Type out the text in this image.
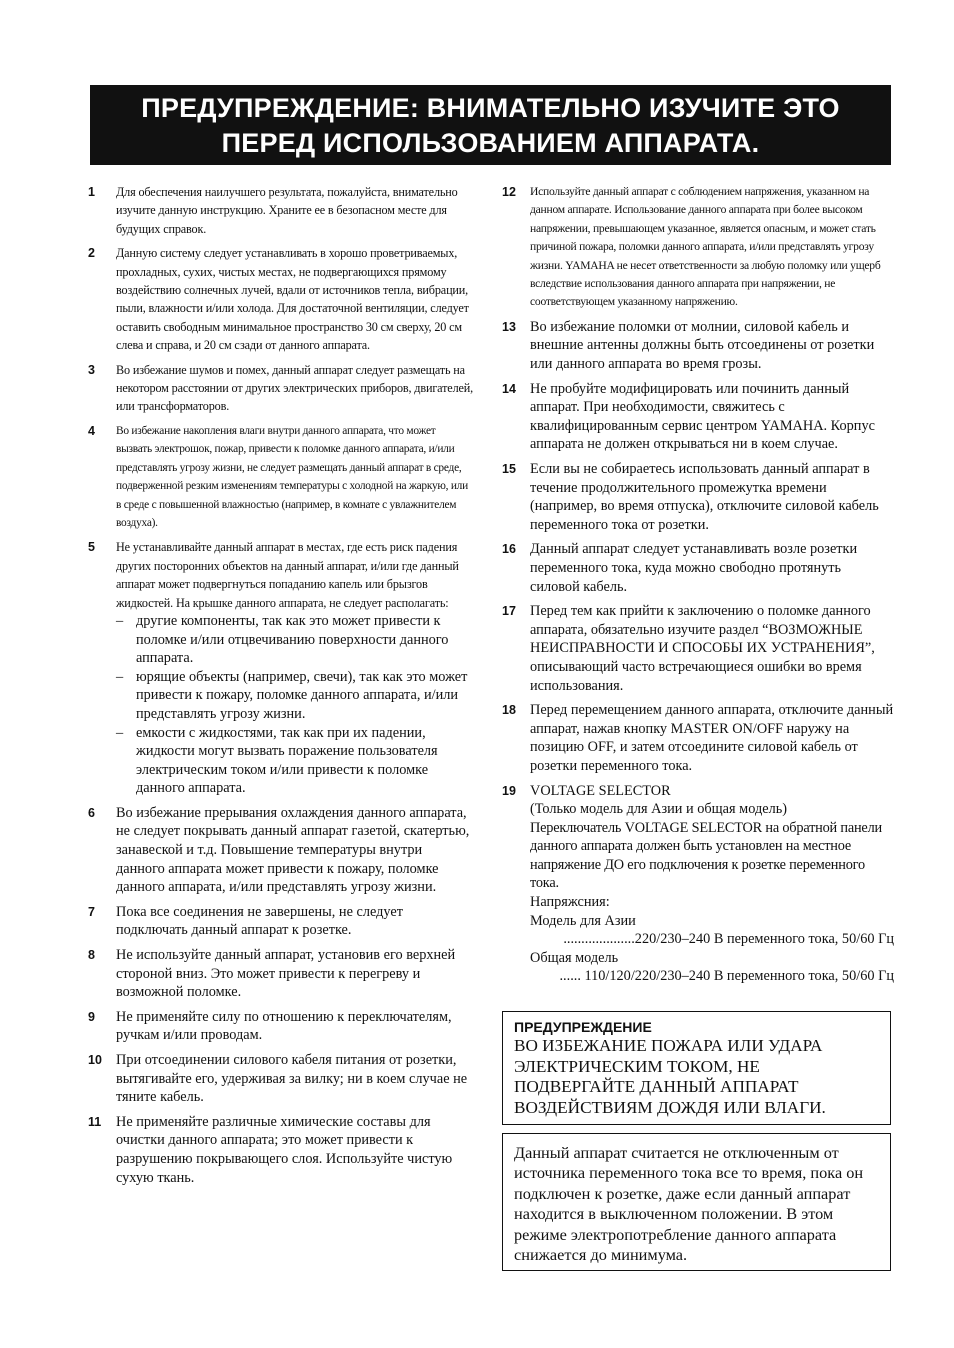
ПРЕДУПРЕЖДЕНИЕ: ВНИМАТЕЛЬНО ИЗУЧИТЕ ЭТО
ПЕРЕД ИСПОЛЬЗОВАНИЕМ АППАРАТА.
1	Для обеспечения наилучшего результата, пожалуйста, внимательно изучите данную инструкцию. Храните ее в безопасном месте для будущих справок.
2	Данную систему следует устанавливать в хорошо проветриваемых, прохладных, сухих, чистых местах, не подвергающихся прямому воздействию солнечных лучей, вдали от источников тепла, вибрации, пыли, влажности и/или холода. Для достаточной вентиляции, следует оставить свободным минимальное пространство 30 см сверху, 20 см слева и справа, и 20 см сзади от данного аппарата.
3	Во избежание шумов и помех, данный аппарат следует размещать на некотором расстоянии от других электрических приборов, двигателей, или трансформаторов.
4	Во избежание накопления влаги внутри данного аппарата, что может вызвать электрошок, пожар, привести к поломке данного аппарата, и/или представлять угрозу жизни, не следует размещать данный аппарат в среде, подверженной резким изменениям температуры с холодной на жаркую, или в среде с повышенной влажностью (например, в комнате с увлажнителем воздуха).
5	Не устанавливайте данный аппарат в местах, где есть риск падения других посторонних объектов на данный аппарат, и/или где данный аппарат может подвергнуться попаданию капель или брызгов жидкостей. На крышке данного аппарата, не следует располагать:

– другие компоненты, так как это может привести к поломке и/или отцвечиванию поверхности данного аппарата.
– юрящие объекты (например, свечи), так как это может привести к пожару, поломке данного аппарата, и/или представлять угрозу жизни.
– емкости с жидкостями, так как при их падении, жидкости могут вызвать поражение пользователя электрическим током и/или привести к поломке данного аппарата.
6	Во избежание прерывания охлаждения данного аппарата, не следует покрывать данный аппарат газетой, скатертью, занавеской и т.д. Повышение температуры внутри данного аппарата может привести к пожару, поломке данного аппарата, и/или представлять угрозу жизни.
7	Пока все соединения не завершены, не следует подключать данный аппарат к розетке.
8	Не используйте данный аппарат, установив его верхней стороной вниз. Это может привести к перегреву и возможной поломке.
9	Не применяйте силу по отношению к переключателям, ручкам и/или проводам.
10 При отсоединении силового кабеля питания от розетки, вытягивайте его, удерживая за вилку; ни в коем случае не тяните кабель.
11	Не применяйте различные химические составы для очистки данного аппарата; это может привести к разрушению покрывающего слоя. Используйте чистую сухую ткань.
12	Используйте данный аппарат с соблюдением напряжения, указанном на данном аппарате. Использование данного аппарата при более высоком напряжении, превышающем указанное, является опасным, и может стать причиной пожара, поломки данного аппарата, и/или представлять угрозу жизни. YAMAHA не несет ответственности за любую поломку или ущерб вследствие использования данного аппарата при напряжении, не соответствующем указанному напряжению.
13 Во избежание поломки от молнии, силовой кабель и внешние антенны должны быть отсоединены от розетки или данного аппарата во время грозы.
14 Не пробуйте модифицировать или починить данный аппарат. При необходимости, свяжитесь с квалифицированным сервис центром YAMAHA. Корпус аппарата не должен открываться ни в коем случае.
15 Если вы не собираетесь использовать данный аппарат в течение продолжительного промежутка времени (например, во время отпуска), отключите силовой кабель переменного тока от розетки.
16 Данный аппарат следует устанавливать возле розетки переменного тока, куда можно свободно протянуть силовой кабель.
17 Перед тем как прийти к заключению о поломке данного аппарата, обязательно изучите раздел “ВОЗМОЖНЫЕ НЕИСПРАВНОСТИ И СПОСОБЫ ИХ УСТРАНЕНИЯ”, описывающий часто встречающиеся ошибки во время использования.
18 Перед перемещением данного аппарата, отключите данный аппарат, нажав кнопку MASTER ON/OFF наружу на позицию OFF, и затем отсоедините силовой кабель от розетки переменного тока.
19 VOLTAGE SELECTOR
(Только модель для Азии и общая модель)
Переключатель VOLTAGE SELECTOR на обратной панели данного аппарата должен быть установлен на местное напряжение ДО его подключения к розетке переменного тока.
Напряжсния:
Модель для Азии
....................220/230–240 В переменного тока, 50/60 Гц
Общая модель
...... 110/120/220/230–240 В переменного тока, 50/60 Гц
ПРЕДУПРЕЖДЕНИЕ
ВО ИЗБЕЖАНИЕ ПОЖАРА ИЛИ УДАРА ЭЛЕКТРИЧЕСКИМ ТОКОМ, НЕ ПОДВЕРГАЙТЕ ДАННЫЙ АППАРАТ ВОЗДЕЙСТВИЯМ ДОЖДЯ ИЛИ ВЛАГИ.
Данный аппарат считается не отключенным от источника переменного тока все то время, пока он подключен к розетке, даже если данный аппарат находится в выключенном положении. В этом режиме электропотребление данного аппарата снижается до минимума.
